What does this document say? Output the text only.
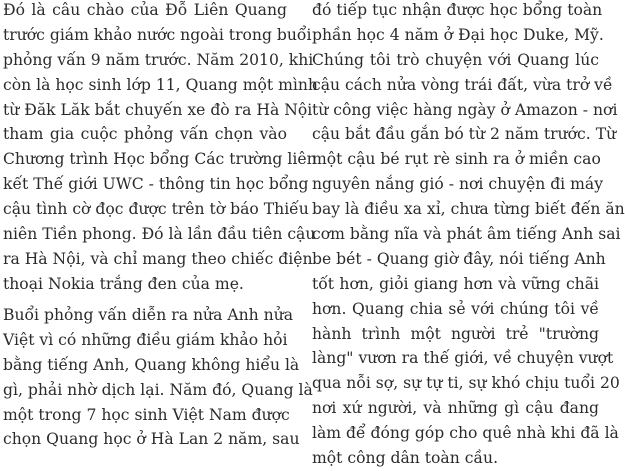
Đó là câu chào của Đỗ Liên Quang
trước giám khảo nước ngoài trong buổi
phỏng vấn 9 năm trước. Năm 2010, khi
còn là học sinh lớp 11, Quang một mình
từ Đăk Lăk bắt chuyến xe đò ra Hà Nội
tham gia cuộc phỏng vấn chọn vào
Chương trình Học bổng Các trường liên
kết Thế giới UWC - thông tin học bổng
cậu tình cờ đọc được trên tờ báo Thiếu
niên Tiền phong. Đó là lần đầu tiên cậu
ra Hà Nội, và chỉ mang theo chiếc điện
thoại Nokia trắng đen của mẹ.
Buổi phỏng vấn diễn ra nửa Anh nửa
Việt vì có những điều giám khảo hỏi
bằng tiếng Anh, Quang không hiểu là
gì, phải nhờ dịch lại. Năm đó, Quang là
một trong 7 học sinh Việt Nam được
chọn Quang học ở Hà Lan 2 năm, sau
đó tiếp tục nhận được học bổng toàn
phần học 4 năm ở Đại học Duke, Mỹ.
Chúng tôi trò chuyện với Quang lúc
cậu cách nửa vòng trái đất, vừa trở về
từ công việc hàng ngày ở Amazon - nơi
cậu bắt đầu gắn bó từ 2 năm trước. Từ
một cậu bé rụt rè sinh ra ở miền cao
nguyên nắng gió - nơi chuyện đi máy
bay là điều xa xỉ, chưa từng biết đến ăn
cơm bằng nĩa và phát âm tiếng Anh sai
be bét - Quang giờ đây, nói tiếng Anh
tốt hơn, giỏi giang hơn và vững chãi
hơn. Quang chia sẻ với chúng tôi về
hành trình một người trẻ "trường
làng" vươn ra thế giới, về chuyện vượt
qua nỗi sợ, sự tự ti, sự khó chịu tuổi 20
nơi xứ người, và những gì cậu đang
làm để đóng góp cho quê nhà khi đã là
một công dân toàn cầu.
